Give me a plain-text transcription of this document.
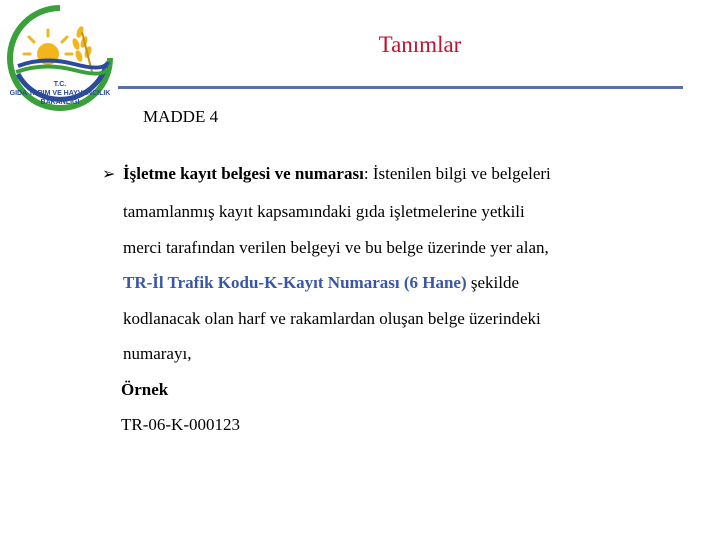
T.C.
GIDA TARIM VE HAYVANCILIK
BAKANLIĞI
Tanımlar
MADDE 4
➢ İşletme kayıt belgesi ve numarası: İstenilen bilgi ve belgeleri
tamamlanmış kayıt kapsamındaki gıda işletmelerine yetkili
merci tarafından verilen belgeyi ve bu belge üzerinde yer alan,
TR-İl Trafik Kodu-K-Kayıt Numarası (6 Hane) şekilde
kodlanacak olan harf ve rakamlardan oluşan belge üzerindeki
numarayı,
Örnek
TR-06-K-000123
